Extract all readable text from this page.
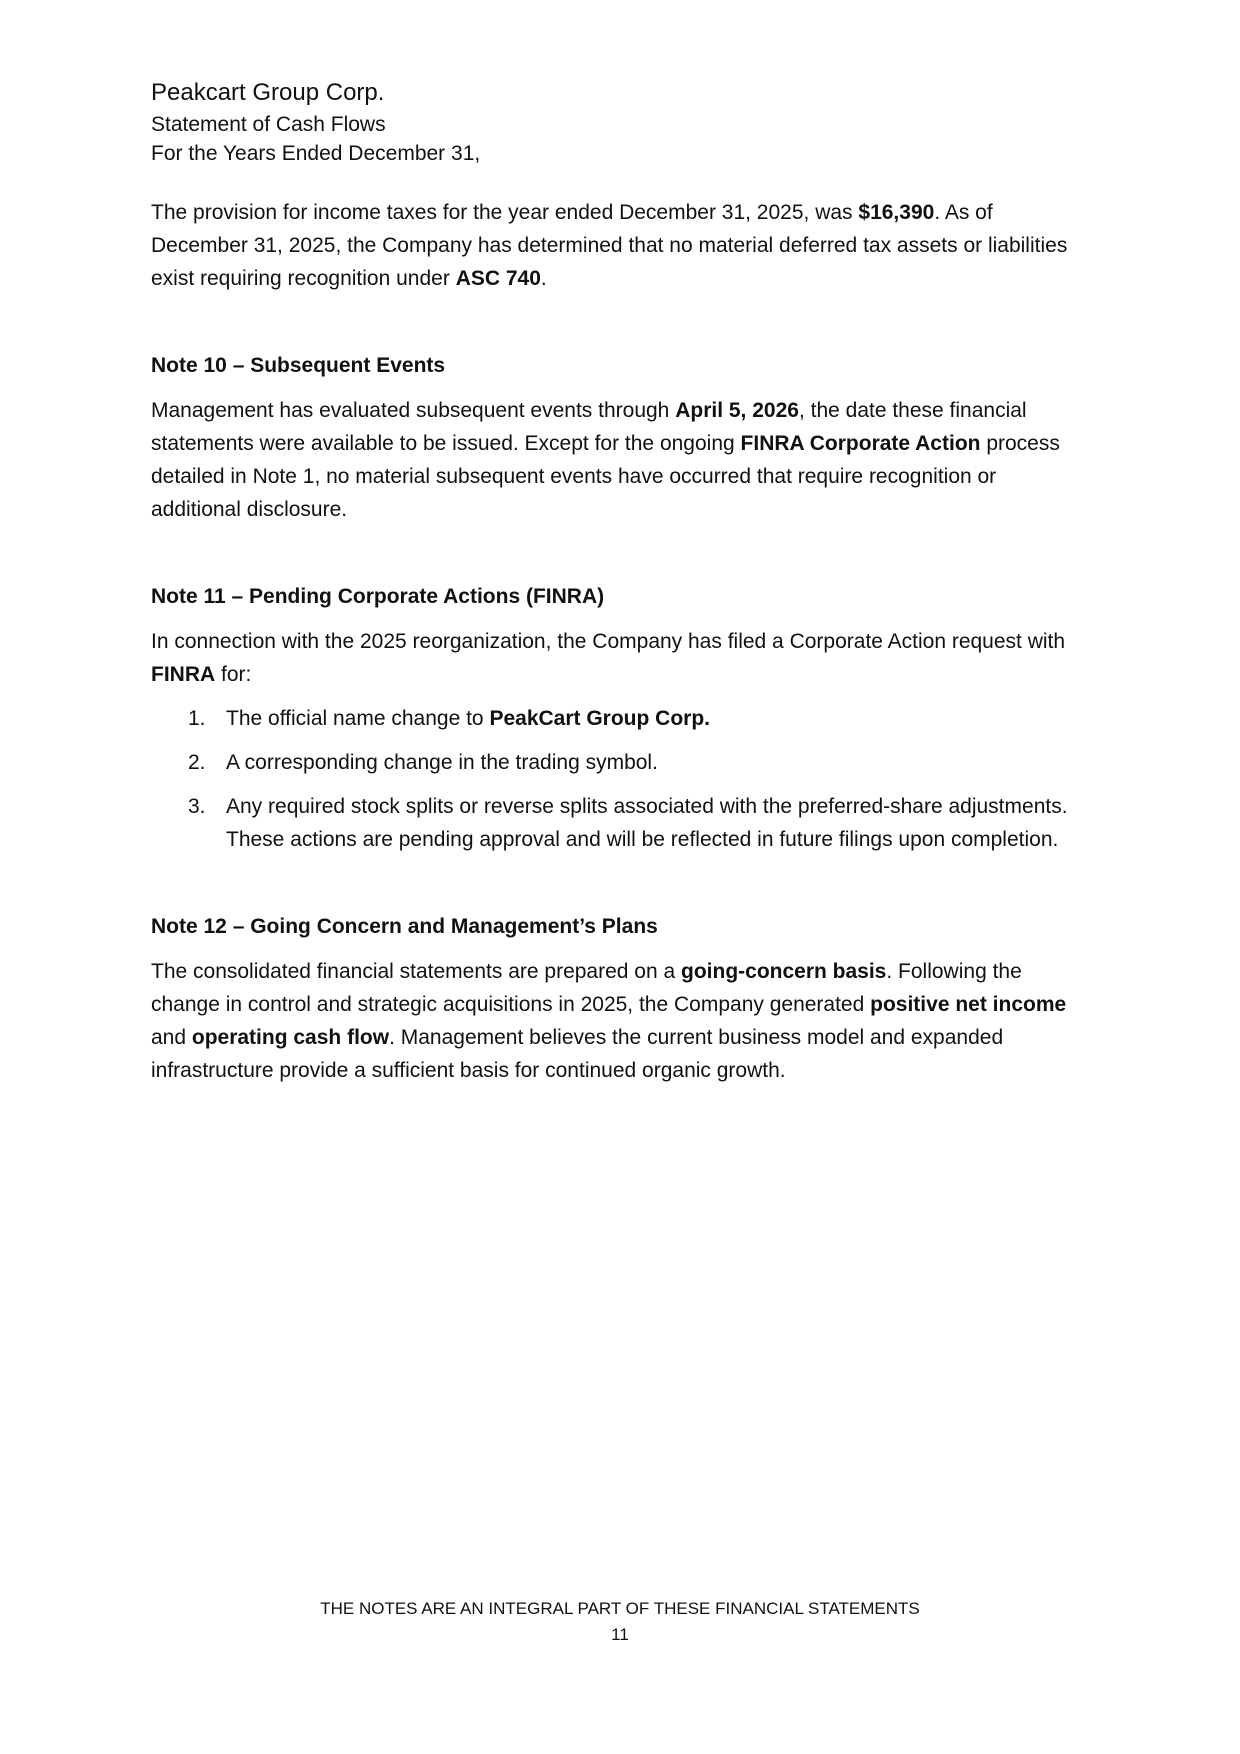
Peakcart Group Corp.
Statement of Cash Flows
For the Years Ended December 31,

The provision for income taxes for the year ended December 31, 2025, was $16,390. As of December 31, 2025, the Company has determined that no material deferred tax assets or liabilities exist requiring recognition under ASC 740.

Note 10 – Subsequent Events

Management has evaluated subsequent events through April 5, 2026, the date these financial statements were available to be issued. Except for the ongoing FINRA Corporate Action process detailed in Note 1, no material subsequent events have occurred that require recognition or additional disclosure.

Note 11 – Pending Corporate Actions (FINRA)

In connection with the 2025 reorganization, the Company has filed a Corporate Action request with FINRA for:

1. The official name change to PeakCart Group Corp.
2. A corresponding change in the trading symbol.
3. Any required stock splits or reverse splits associated with the preferred-share adjustments.
These actions are pending approval and will be reflected in future filings upon completion.
Note 12 – Going Concern and Management’s Plans

The consolidated financial statements are prepared on a going-concern basis. Following the change in control and strategic acquisitions in 2025, the Company generated positive net income and operating cash flow. Management believes the current business model and expanded infrastructure provide a sufficient basis for continued organic growth.

THE NOTES ARE AN INTEGRAL PART OF THESE FINANCIAL STATEMENTS
11
